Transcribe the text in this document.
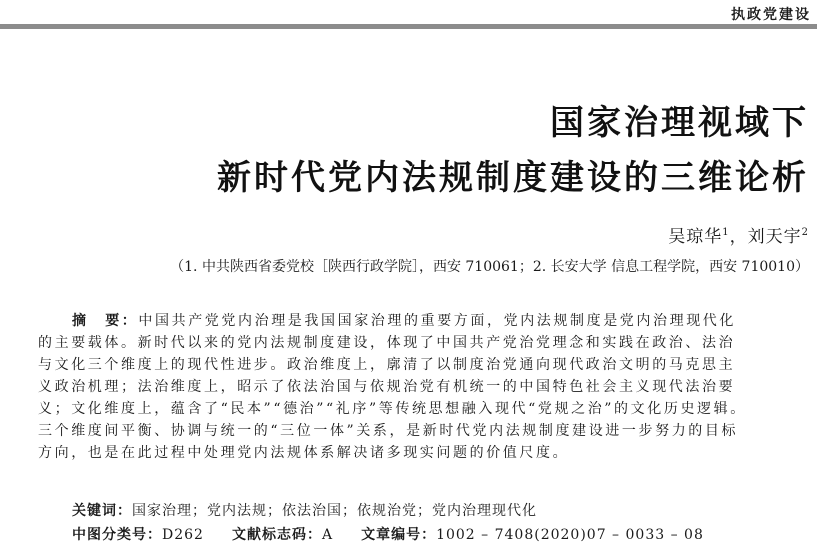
执政党建设
国家治理视域下
新时代党内法规制度建设的三维论析
吴琼华$^1$，刘天宇$^2$
（1. 中共陕西省委党校［陕西行政学院］，西安 710061；2. 长安大学 信息工程学院，西安 710010）
摘　要：中国共产党党内治理是我国国家治理的重要方面，党内法规制度是党内治理现代化
的主要载体。新时代以来的党内法规制度建设，体现了中国共产党治党理念和实践在政治、法治
与文化三个维度上的现代性进步。政治维度上，廓清了以制度治党通向现代政治文明的马克思主
义政治机理；法治维度上，昭示了依法治国与依规治党有机统一的中国特色社会主义现代法治要
义；文化维度上，蕴含了“民本”“德治”“礼序”等传统思想融入现代“党规之治”的文化历史逻辑。
三个维度间平衡、协调与统一的“三位一体”关系，是新时代党内法规制度建设进一步努力的目标
方向，也是在此过程中处理党内法规体系解决诸多现实问题的价值尺度。
关键词：国家治理；党内法规；依法治国；依规治党；党内治理现代化
中图分类号：D262 文献标志码：A 文章编号：1002 – 7408(2020)07 – 0033 – 08
